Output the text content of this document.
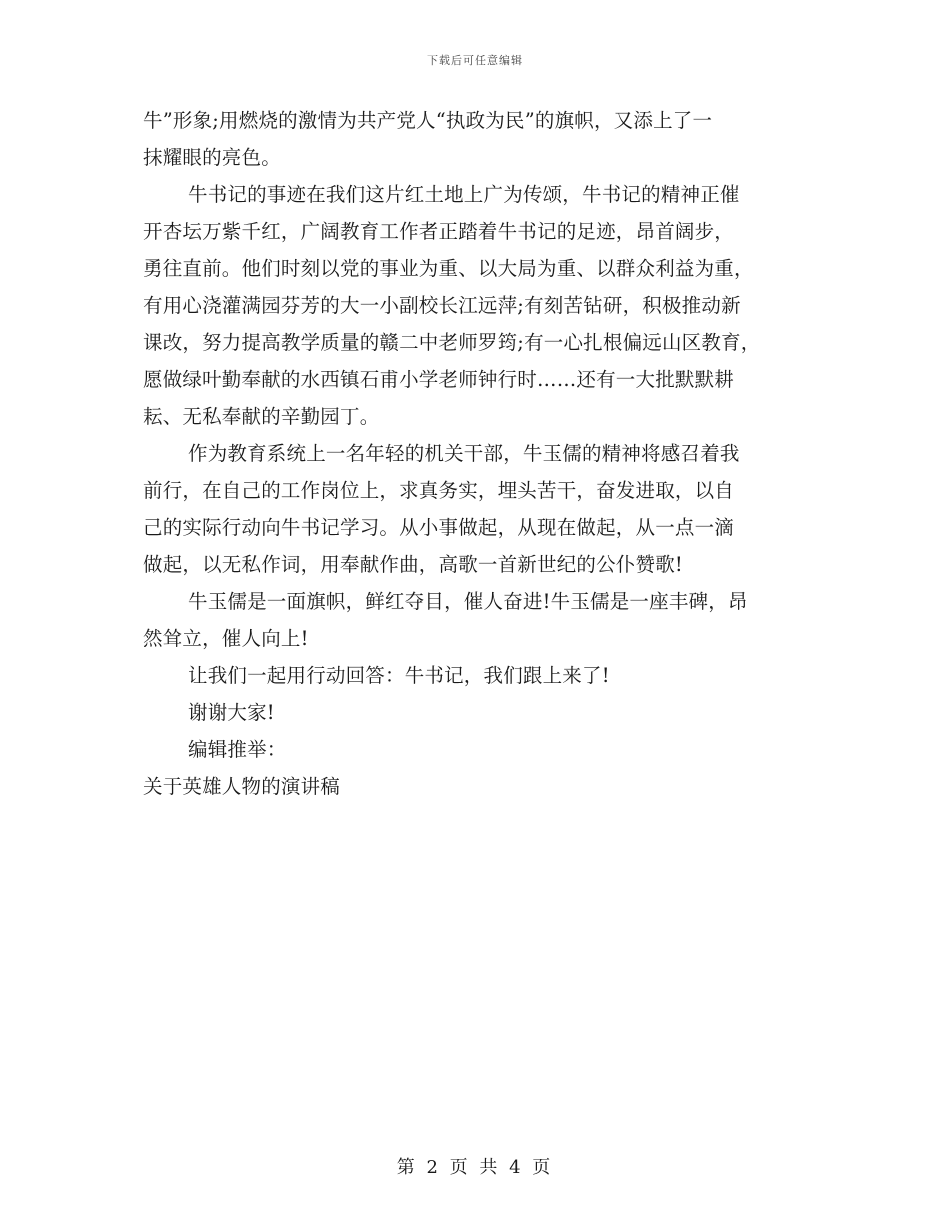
下载后可任意编辑
牛”形象;用燃烧的激情为共产党人“执政为民”的旗帜，又添上了一
抹耀眼的亮色。
牛书记的事迹在我们这片红土地上广为传颂，牛书记的精神正催
开杏坛万紫千红，广阔教育工作者正踏着牛书记的足迹，昂首阔步，
勇往直前。他们时刻以党的事业为重、以大局为重、以群众利益为重，
有用心浇灌满园芬芳的大一小副校长江远萍;有刻苦钻研，积极推动新
课改，努力提高教学质量的赣二中老师罗筠;有一心扎根偏远山区教育，
愿做绿叶勤奉献的水西镇石甫小学老师钟行时……还有一大批默默耕
耘、无私奉献的辛勤园丁。
作为教育系统上一名年轻的机关干部，牛玉儒的精神将感召着我
前行，在自己的工作岗位上，求真务实，埋头苦干，奋发进取，以自
己的实际行动向牛书记学习。从小事做起，从现在做起，从一点一滴
做起，以无私作词，用奉献作曲，高歌一首新世纪的公仆赞歌!
牛玉儒是一面旗帜，鲜红夺目，催人奋进!牛玉儒是一座丰碑，昂
然耸立，催人向上!
让我们一起用行动回答：牛书记，我们跟上来了!
谢谢大家!
编辑推举：
关于英雄人物的演讲稿
第 2 页 共 4 页
